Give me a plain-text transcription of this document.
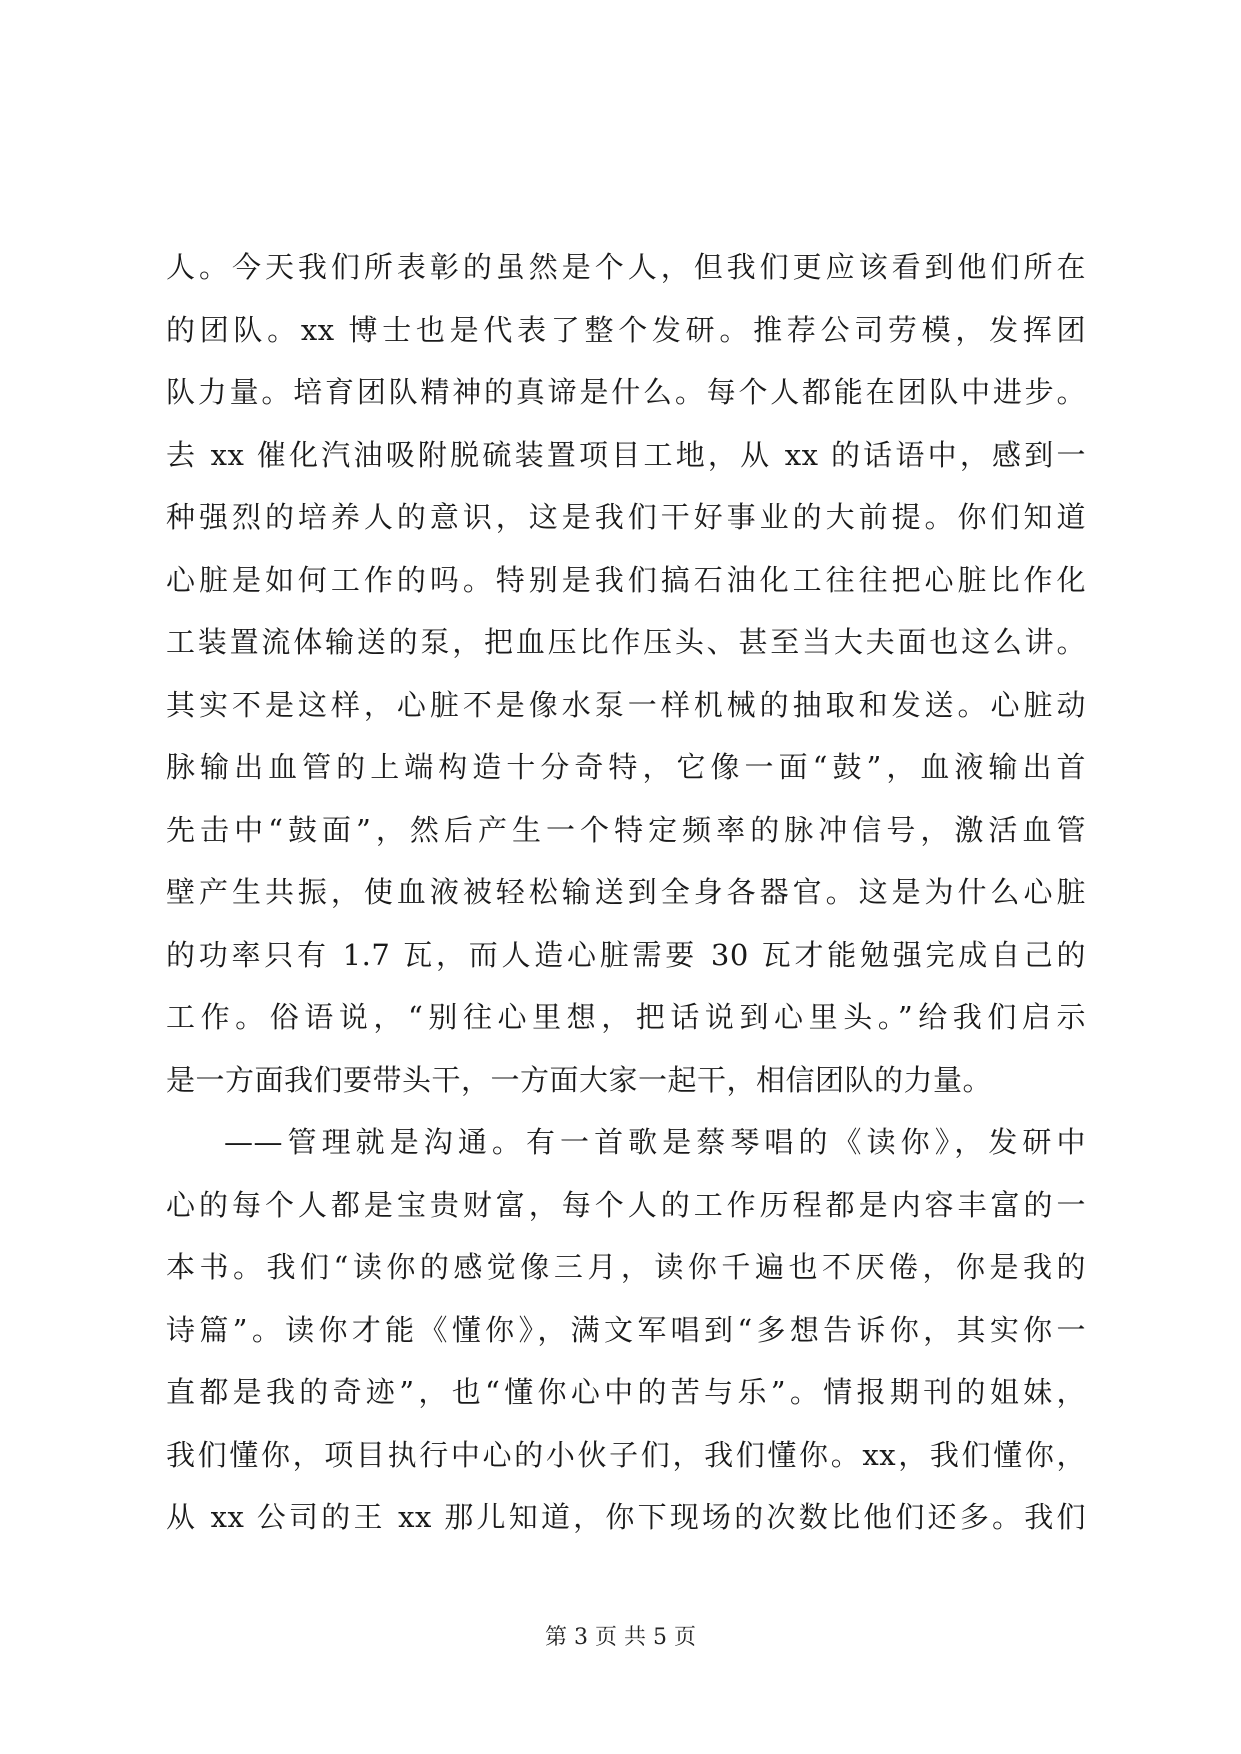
人。今天我们所表彰的虽然是个人，但我们更应该看到他们所在
的团队。xx 博士也是代表了整个发研。推荐公司劳模，发挥团
队力量。培育团队精神的真谛是什么。每个人都能在团队中进步。
去 xx 催化汽油吸附脱硫装置项目工地，从 xx 的话语中，感到一
种强烈的培养人的意识，这是我们干好事业的大前提。你们知道
心脏是如何工作的吗。特别是我们搞石油化工往往把心脏比作化
工装置流体输送的泵，把血压比作压头、甚至当大夫面也这么讲。
其实不是这样，心脏不是像水泵一样机械的抽取和发送。心脏动
脉输出血管的上端构造十分奇特，它像一面“鼓”，血液输出首
先击中“鼓面”，然后产生一个特定频率的脉冲信号，激活血管
壁产生共振，使血液被轻松输送到全身各器官。这是为什么心脏
的功率只有 1.7 瓦，而人造心脏需要 30 瓦才能勉强完成自己的
工作。俗语说，“别往心里想，把话说到心里头。”给我们启示
是一方面我们要带头干，一方面大家一起干，相信团队的力量。
——管理就是沟通。有一首歌是蔡琴唱的《读你》，发研中
心的每个人都是宝贵财富，每个人的工作历程都是内容丰富的一
本书。我们“读你的感觉像三月，读你千遍也不厌倦，你是我的
诗篇”。读你才能《懂你》，满文军唱到“多想告诉你，其实你一
直都是我的奇迹”，也“懂你心中的苦与乐”。情报期刊的姐妹，
我们懂你，项目执行中心的小伙子们，我们懂你。xx，我们懂你，
从 xx 公司的王 xx 那儿知道，你下现场的次数比他们还多。我们
第 3 页 共 5 页
